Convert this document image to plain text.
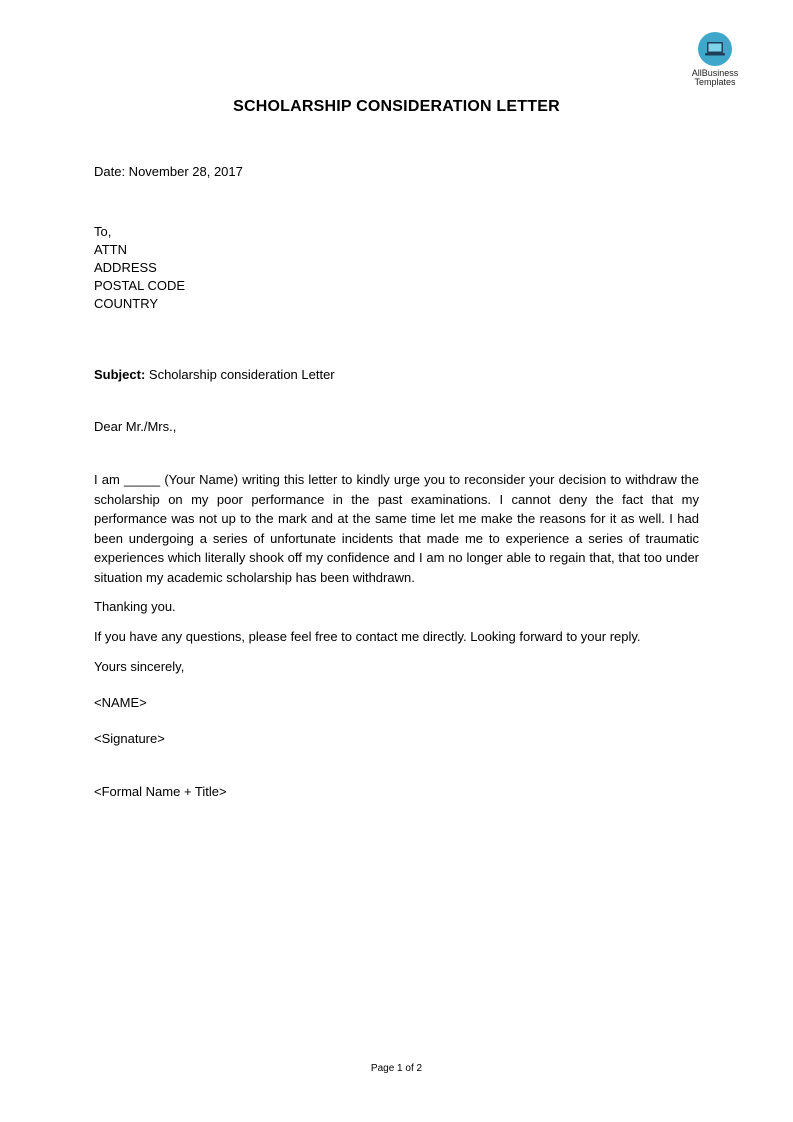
AllBusiness
Templates
SCHOLARSHIP CONSIDERATION LETTER
Date: November 28, 2017
To,
ATTN
ADDRESS
POSTAL CODE
COUNTRY
Subject: Scholarship consideration Letter
Dear Mr./Mrs.,
I am _____ (Your Name) writing this letter to kindly urge you to reconsider your decision to withdraw the scholarship on my poor performance in the past examinations. I cannot deny the fact that my performance was not up to the mark and at the same time let me make the reasons for it as well. I had been undergoing a series of unfortunate incidents that made me to experience a series of traumatic experiences which literally shook off my confidence and I am no longer able to regain that, that too under situation my academic scholarship has been withdrawn.
Thanking you.
If you have any questions, please feel free to contact me directly. Looking forward to your reply.
Yours sincerely,
<NAME>
<Signature>
<Formal Name + Title>
Page 1 of 2
